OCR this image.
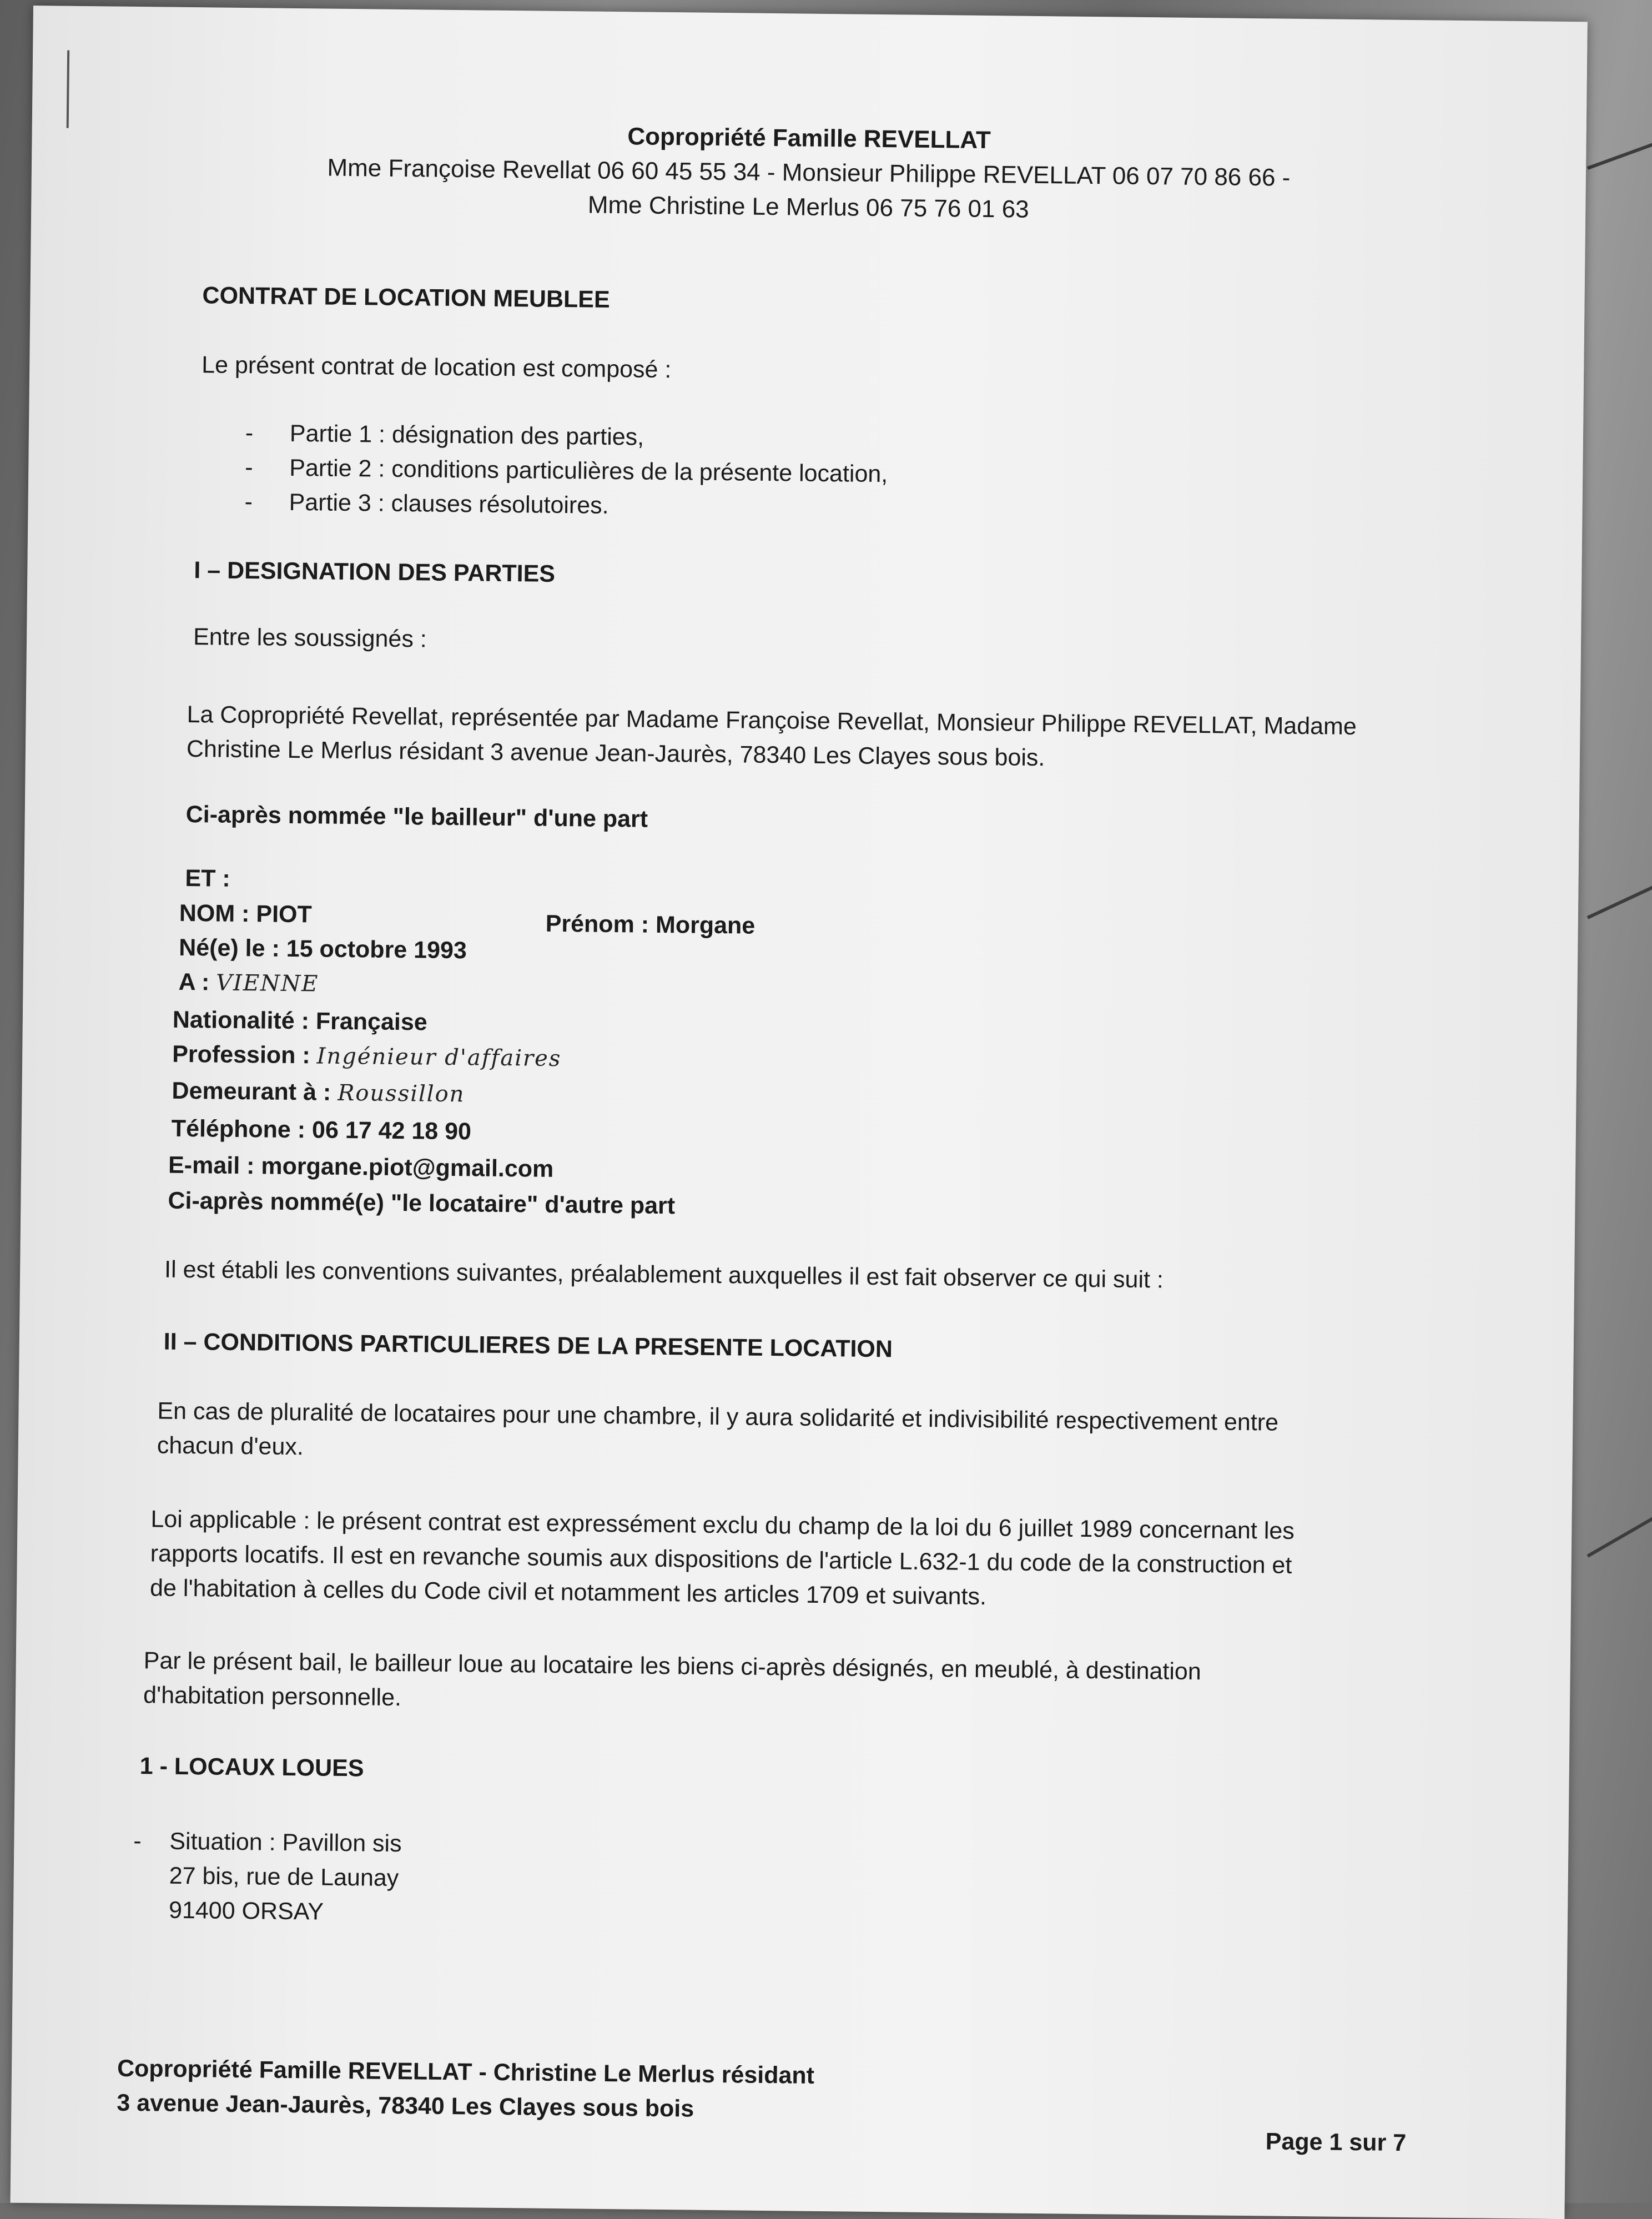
Copropriété Famille REVELLAT
Mme Françoise Revellat 06 60 45 55 34 - Monsieur Philippe REVELLAT 06 07 70 86 66 -
Mme Christine Le Merlus 06 75 76 01 63
CONTRAT DE LOCATION MEUBLEE
Le présent contrat de location est composé :
- Partie 1 : désignation des parties,
- Partie 2 : conditions particulières de la présente location,
- Partie 3 : clauses résolutoires.
I – DESIGNATION DES PARTIES
Entre les soussignés :
La Copropriété Revellat, représentée par Madame Françoise Revellat, Monsieur Philippe REVELLAT, Madame
Christine Le Merlus résidant 3 avenue Jean-Jaurès, 78340 Les Clayes sous bois.
Ci-après nommée "le bailleur" d'une part
ET :
NOM : PIOT	Prénom : Morgane
Né(e) le : 15 octobre 1993
A : VIENNE
Nationalité : Française
Profession : Ingénieur d'affaires
Demeurant à : Roussillon
Téléphone : 06 17 42 18 90
E-mail : morgane.piot@gmail.com
Ci-après nommé(e) "le locataire" d'autre part
Il est établi les conventions suivantes, préalablement auxquelles il est fait observer ce qui suit :
II – CONDITIONS PARTICULIERES DE LA PRESENTE LOCATION
En cas de pluralité de locataires pour une chambre, il y aura solidarité et indivisibilité respectivement entre
chacun d'eux.
Loi applicable : le présent contrat est expressément exclu du champ de la loi du 6 juillet 1989 concernant les
rapports locatifs. Il est en revanche soumis aux dispositions de l'article L.632-1 du code de la construction et
de l'habitation à celles du Code civil et notamment les articles 1709 et suivants.
Par le présent bail, le bailleur loue au locataire les biens ci-après désignés, en meublé, à destination
d'habitation personnelle.
1 - LOCAUX LOUES
- Situation : Pavillon sis
27 bis, rue de Launay
91400 ORSAY
Copropriété Famille REVELLAT - Christine Le Merlus résidant
3 avenue Jean-Jaurès, 78340 Les Clayes sous bois
Page 1 sur 7
